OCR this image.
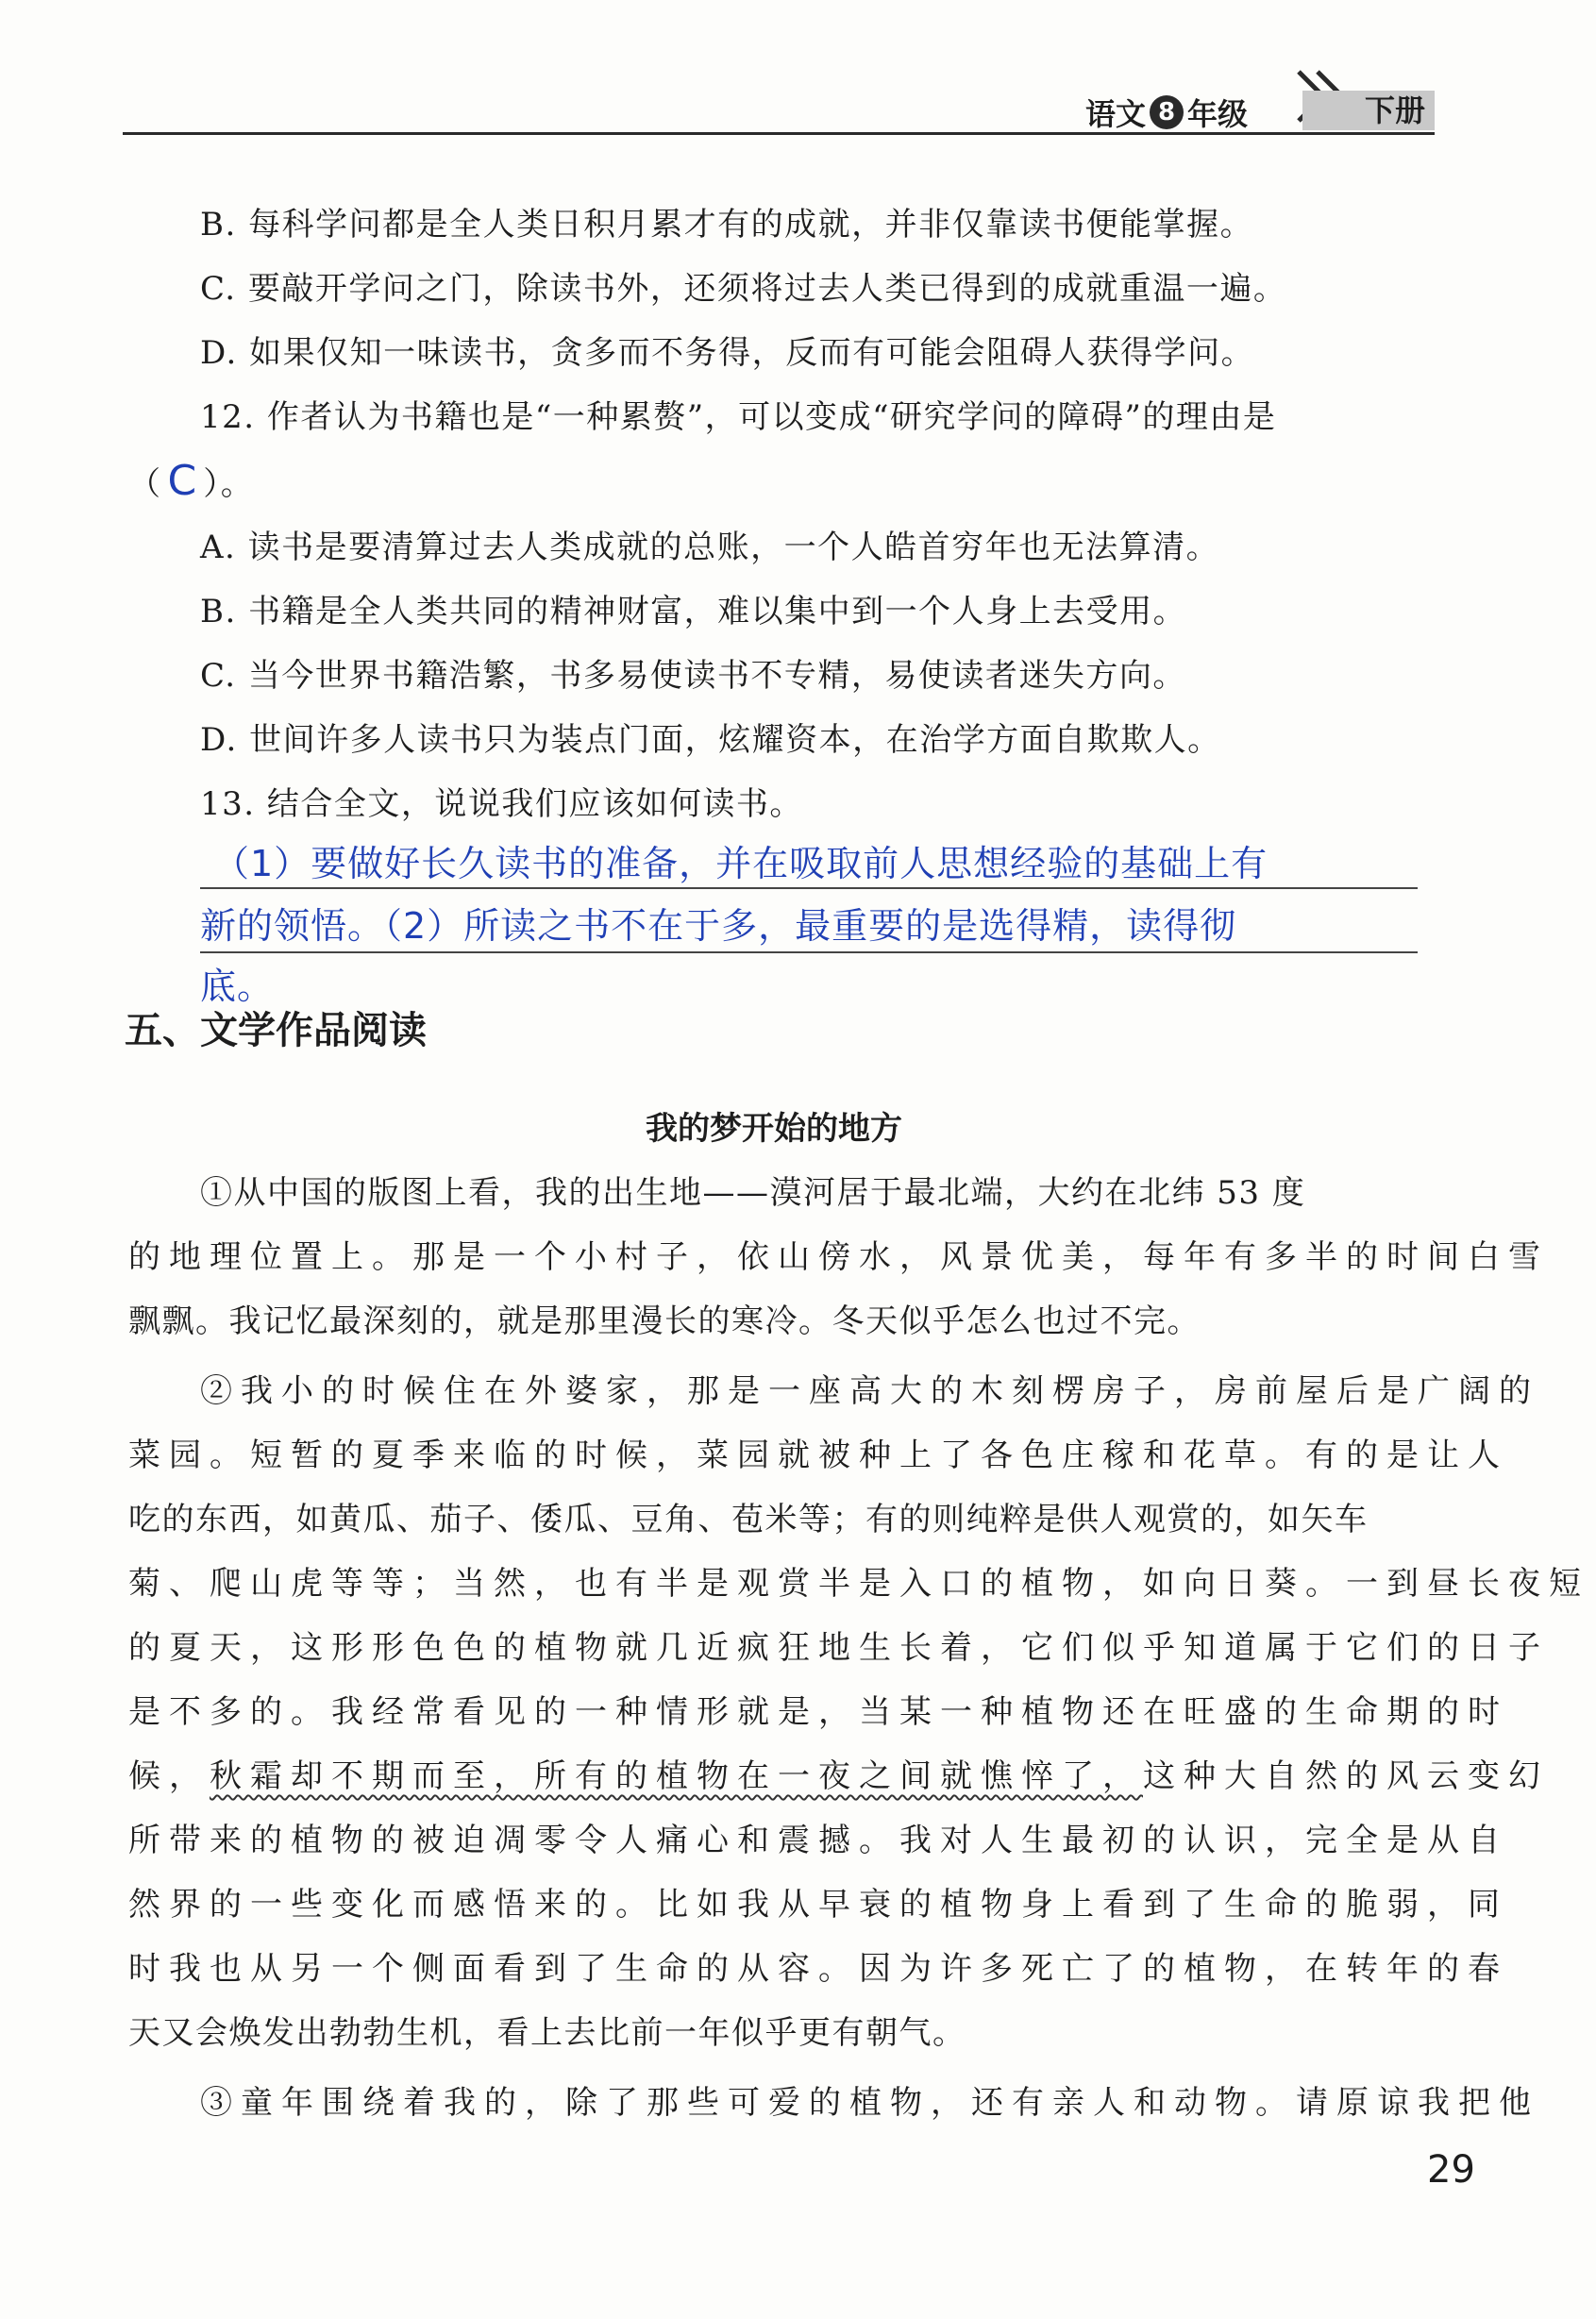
语文 8 年级	下册
B. 每科学问都是全人类日积月累才有的成就，并非仅靠读书便能掌握。
C. 要敲开学问之门，除读书外，还须将过去人类已得到的成就重温一遍。
D. 如果仅知一味读书，贪多而不务得，反而有可能会阻碍人获得学问。
12. 作者认为书籍也是“一种累赘”，可以变成“研究学问的障碍”的理由是
（ C ）。
A. 读书是要清算过去人类成就的总账，一个人皓首穷年也无法算清。
B. 书籍是全人类共同的精神财富，难以集中到一个人身上去受用。
C. 当今世界书籍浩繁，书多易使读书不专精，易使读者迷失方向。
D. 世间许多人读书只为装点门面，炫耀资本，在治学方面自欺欺人。
13. 结合全文，说说我们应该如何读书。
（1）要做好长久读书的准备，并在吸取前人思想经验的基础上有
新的领悟。（2）所读之书不在于多，最重要的是选得精，读得彻
底。
五、文学作品阅读
我的梦开始的地方
①从中国的版图上看，我的出生地——漠河居于最北端，大约在北纬 53 度
的地理位置上。那是一个小村子，依山傍水，风景优美，每年有多半的时间白雪
飘飘。我记忆最深刻的，就是那里漫长的寒冷。冬天似乎怎么也过不完。
②我小的时候住在外婆家，那是一座高大的木刻楞房子，房前屋后是广阔的
菜园。短暂的夏季来临的时候，菜园就被种上了各色庄稼和花草。有的是让人
吃的东西，如黄瓜、茄子、倭瓜、豆角、苞米等；有的则纯粹是供人观赏的，如矢车
菊、爬山虎等等；当然，也有半是观赏半是入口的植物，如向日葵。一到昼长夜短
的夏天，这形形色色的植物就几近疯狂地生长着，它们似乎知道属于它们的日子
是不多的。我经常看见的一种情形就是，当某一种植物还在旺盛的生命期的时
候，秋霜却不期而至，所有的植物在一夜之间就憔悴了，这种大自然的风云变幻
所带来的植物的被迫凋零令人痛心和震撼。我对人生最初的认识，完全是从自
然界的一些变化而感悟来的。比如我从早衰的植物身上看到了生命的脆弱，同
时我也从另一个侧面看到了生命的从容。因为许多死亡了的植物，在转年的春
天又会焕发出勃勃生机，看上去比前一年似乎更有朝气。
③童年围绕着我的，除了那些可爱的植物，还有亲人和动物。请原谅我把他
29
